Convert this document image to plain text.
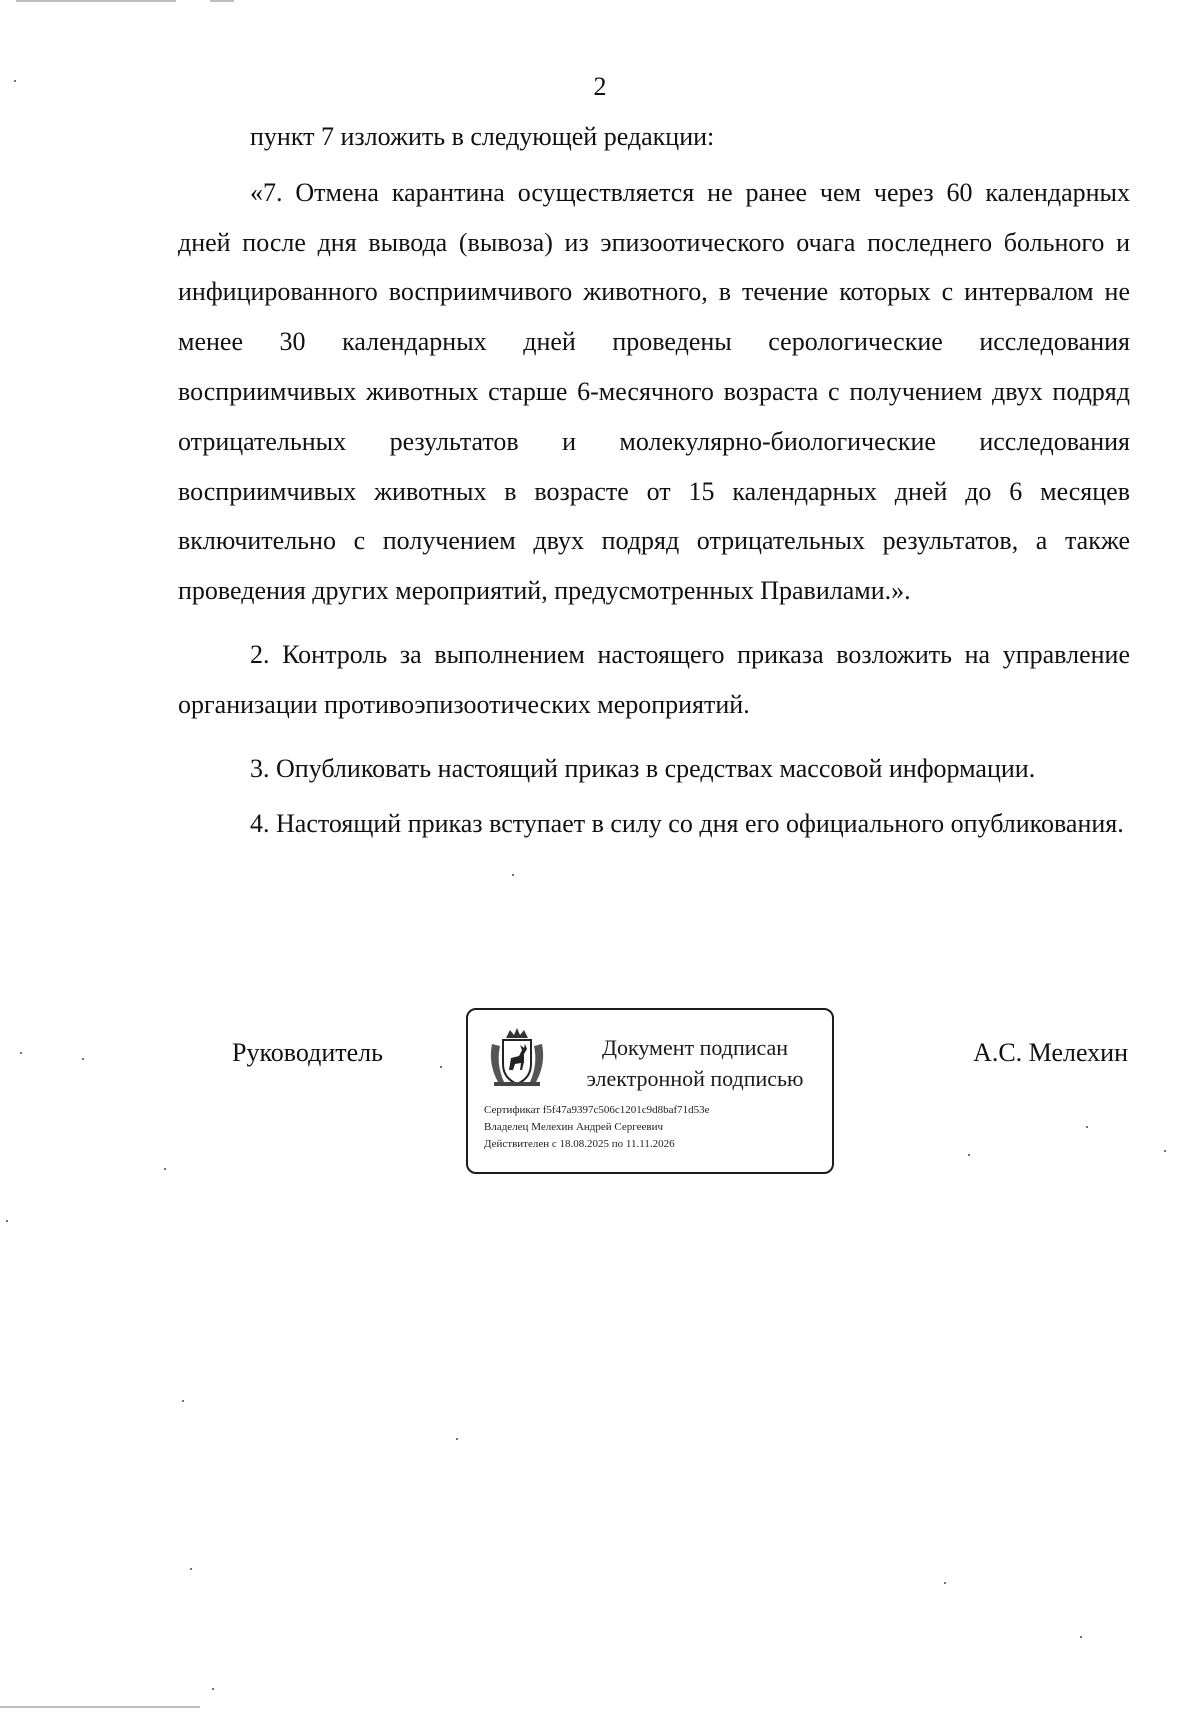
2

пункт 7 изложить в следующей редакции:

«7. Отмена карантина осуществляется не ранее чем через 60 календарных дней после дня вывода (вывоза) из эпизоотического очага последнего больного и инфицированного восприимчивого животного, в течение которых с интервалом не менее 30 календарных дней проведены серологические исследования восприимчивых животных старше 6-месячного возраста с получением двух подряд отрицательных результатов и молекулярно-биологические исследования восприимчивых животных в возрасте от 15 календарных дней до 6 месяцев включительно с получением двух подряд отрицательных результатов, а также проведения других мероприятий, предусмотренных Правилами.».

2. Контроль за выполнением настоящего приказа возложить на управление организации противоэпизоотических мероприятий.

3. Опубликовать настоящий приказ в средствах массовой информации.

4. Настоящий приказ вступает в силу со дня его официального опубликования.

Руководитель	Документ подписан
электронной подписью
Сертификат f5f47a9397c506c1201c9d8baf71d53e
Владелец Мелехин Андрей Сергеевич
Действителен с 18.08.2025 по 11.11.2026
А.С. Мелехин
